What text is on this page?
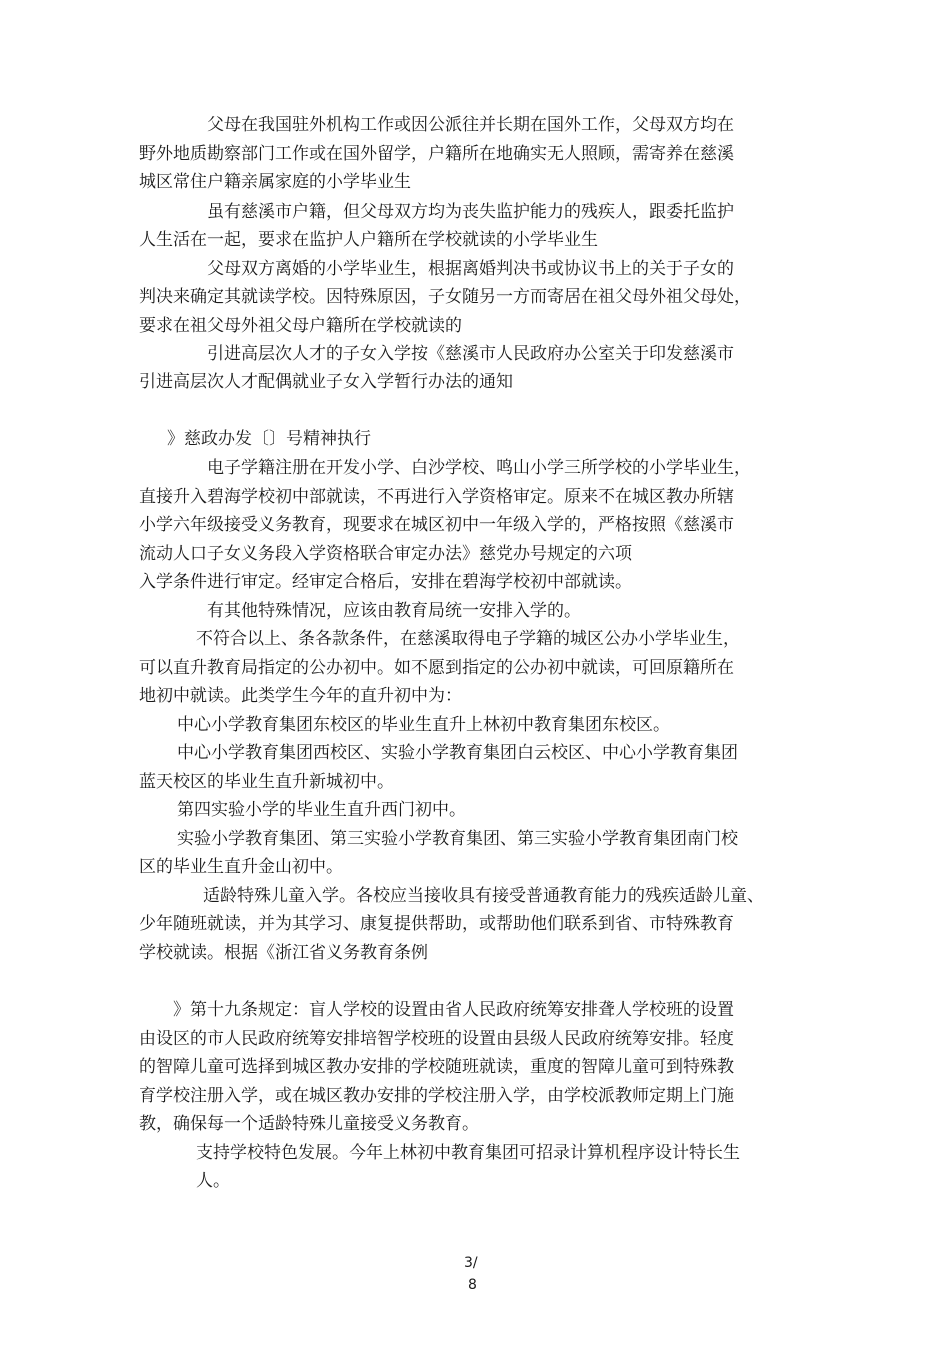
父母在我国驻外机构工作或因公派往并长期在国外工作，父母双方均在
野外地质勘察部门工作或在国外留学，户籍所在地确实无人照顾，需寄养在慈溪
城区常住户籍亲属家庭的小学毕业生
虽有慈溪市户籍，但父母双方均为丧失监护能力的残疾人，跟委托监护
人生活在一起，要求在监护人户籍所在学校就读的小学毕业生
父母双方离婚的小学毕业生，根据离婚判决书或协议书上的关于子女的
判决来确定其就读学校。因特殊原因，子女随另一方而寄居在祖父母外祖父母处，
要求在祖父母外祖父母户籍所在学校就读的
引进高层次人才的子女入学按《慈溪市人民政府办公室关于印发慈溪市
引进高层次人才配偶就业子女入学暂行办法的通知
》慈政办发〔〕号精神执行
电子学籍注册在开发小学、白沙学校、鸣山小学三所学校的小学毕业生，
直接升入碧海学校初中部就读，不再进行入学资格审定。原来不在城区教办所辖
小学六年级接受义务教育，现要求在城区初中一年级入学的，严格按照《慈溪市
流动人口子女义务段入学资格联合审定办法》慈党办号规定的六项
入学条件进行审定。经审定合格后，安排在碧海学校初中部就读。
有其他特殊情况，应该由教育局统一安排入学的。
不符合以上、条各款条件，在慈溪取得电子学籍的城区公办小学毕业生，
可以直升教育局指定的公办初中。如不愿到指定的公办初中就读，可回原籍所在
地初中就读。此类学生今年的直升初中为：
中心小学教育集团东校区的毕业生直升上林初中教育集团东校区。
中心小学教育集团西校区、实验小学教育集团白云校区、中心小学教育集团
蓝天校区的毕业生直升新城初中。
第四实验小学的毕业生直升西门初中。
实验小学教育集团、第三实验小学教育集团、第三实验小学教育集团南门校
区的毕业生直升金山初中。
适龄特殊儿童入学。各校应当接收具有接受普通教育能力的残疾适龄儿童、
少年随班就读，并为其学习、康复提供帮助，或帮助他们联系到省、市特殊教育
学校就读。根据《浙江省义务教育条例
》第十九条规定：盲人学校的设置由省人民政府统筹安排聋人学校班的设置
由设区的市人民政府统筹安排培智学校班的设置由县级人民政府统筹安排。轻度
的智障儿童可选择到城区教办安排的学校随班就读，重度的智障儿童可到特殊教
育学校注册入学，或在城区教办安排的学校注册入学，由学校派教师定期上门施
教，确保每一个适龄特殊儿童接受义务教育。
支持学校特色发展。今年上林初中教育集团可招录计算机程序设计特长生
人。
3/
8
